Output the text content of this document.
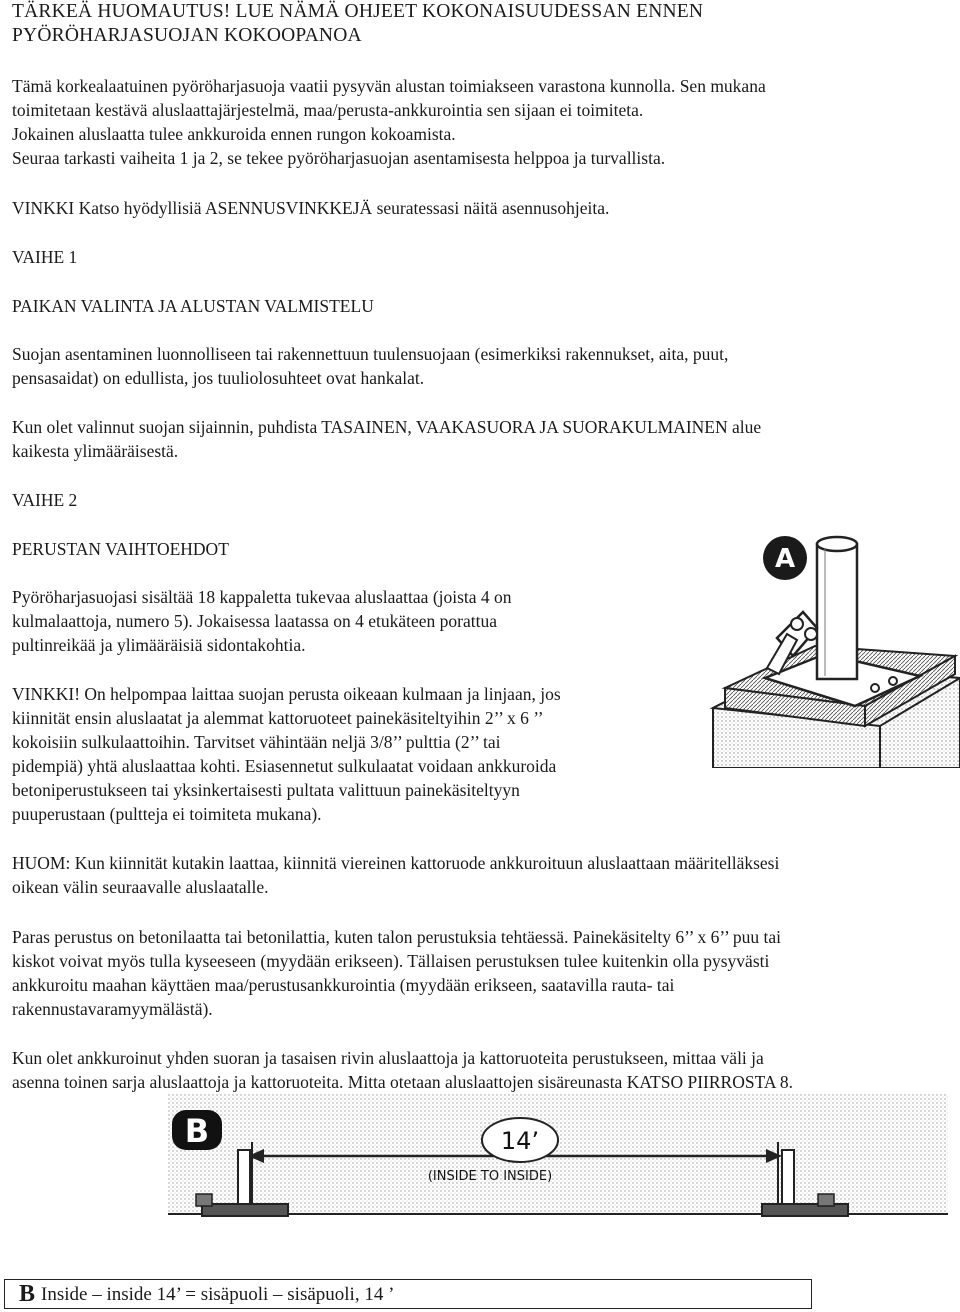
TÄRKEÄ HUOMAUTUS! LUE NÄMÄ OHJEET KOKONAISUUDESSAN ENNEN

PYÖRÖHARJASUOJAN KOKOOPANOA

Tämä korkealaatuinen pyöröharjasuoja vaatii pysyvän alustan toimiakseen varastona kunnolla. Sen mukana

toimitetaan kestävä aluslaattajärjestelmä, maa/perusta-ankkurointia sen sijaan ei toimiteta.

Jokainen aluslaatta tulee ankkuroida ennen rungon kokoamista.

Seuraa tarkasti vaiheita 1 ja 2, se tekee pyöröharjasuojan asentamisesta helppoa ja turvallista.

VINKKI Katso hyödyllisiä ASENNUSVINKKEJÄ seuratessasi näitä asennusohjeita.

VAIHE 1

PAIKAN VALINTA JA ALUSTAN VALMISTELU

Suojan asentaminen luonnolliseen tai rakennettuun tuulensuojaan (esimerkiksi rakennukset, aita, puut,

pensasaidat) on edullista, jos tuuliolosuhteet ovat hankalat.

Kun olet valinnut suojan sijainnin, puhdista TASAINEN, VAAKASUORA JA SUORAKULMAINEN alue

kaikesta ylimääräisestä.

VAIHE 2

PERUSTAN VAIHTOEHDOT

Pyöröharjasuojasi sisältää 18 kappaletta tukevaa aluslaattaa (joista 4 on

kulmalaattoja, numero 5). Jokaisessa laatassa on 4 etukäteen porattua

pultinreikää ja ylimääräisiä sidontakohtia.

VINKKI! On helpompaa laittaa suojan perusta oikeaan kulmaan ja linjaan, jos

kiinnität ensin aluslaatat ja alemmat kattoruoteet painekäsiteltyihin 2’’ x 6 ’’

kokoisiin sulkulaattoihin. Tarvitset vähintään neljä 3/8’’ pulttia (2’’ tai

pidempiä) yhtä aluslaattaa kohti. Esiasennetut sulkulaatat voidaan ankkuroida

betoniperustukseen tai yksinkertaisesti pultata valittuun painekäsiteltyyn

puuperustaan (pultteja ei toimiteta mukana).

HUOM: Kun kiinnität kutakin laattaa, kiinnitä viereinen kattoruode ankkuroituun aluslaattaan määritelläksesi

oikean välin seuraavalle aluslaatalle.

Paras perustus on betonilaatta tai betonilattia, kuten talon perustuksia tehtäessä. Painekäsitelty 6’’ x 6’’ puu tai

kiskot voivat myös tulla kyseeseen (myydään erikseen). Tällaisen perustuksen tulee kuitenkin olla pysyvästi

ankkuroitu maahan käyttäen maa/perustusankkurointia (myydään erikseen, saatavilla rauta- tai

rakennustavaramyymälästä).

Kun olet ankkuroinut yhden suoran ja tasaisen rivin aluslaattoja ja kattoruoteita perustukseen, mittaa väli ja

asenna toinen sarja aluslaattoja ja kattoruoteita. Mitta otetaan aluslaattojen sisäreunasta KATSO PIIRROSTA 8.

A
B	14’
(INSIDE TO INSIDE)
B Inside – inside 14’ = sisäpuoli – sisäpuoli, 14 ’
